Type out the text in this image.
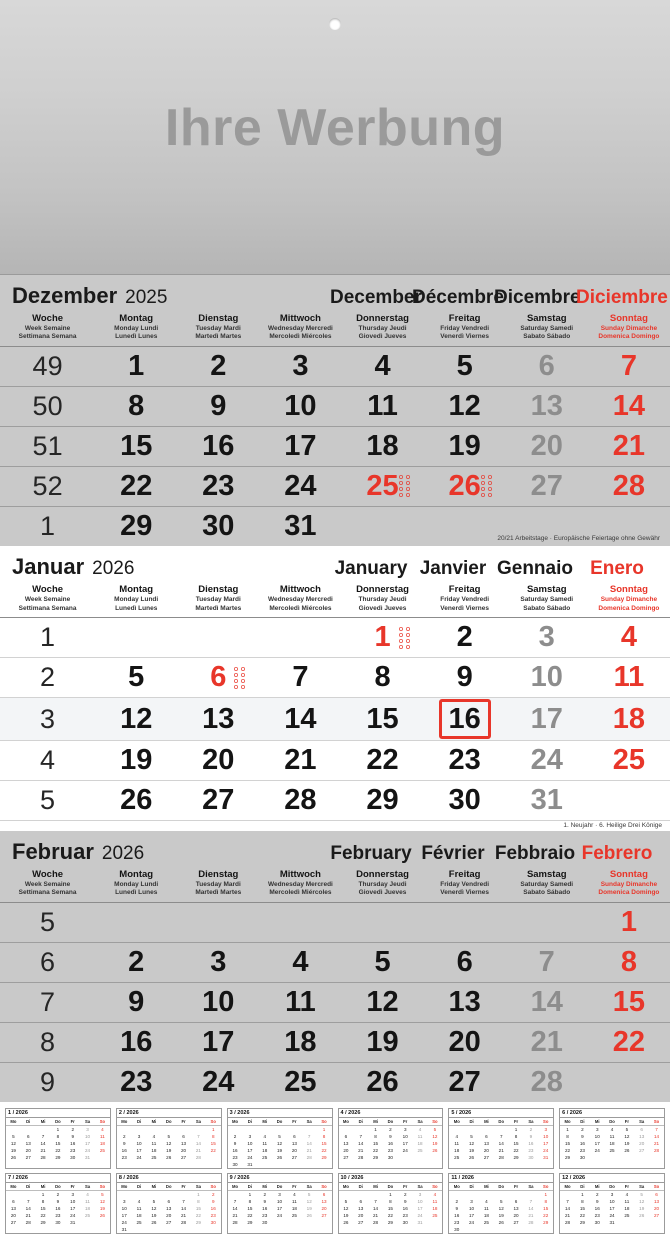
Ihre Werbung
Dezember 2025	December
Décembre
Dicembre
Diciembre
20/21 Arbeitstage · Europäische Feiertage ohne Gewähr
Woche
Week Semaine
Settimana Semana

Montag
Monday Lundi
Lunedì Lunes

Dienstag
Tuesday Mardi
Martedì Martes

Mittwoch
Wednesday Mercredi
Mercoledì Miércoles

Donnerstag
Thursday Jeudi
Giovedì Jueves

Freitag
Friday Vendredi
Venerdì Viernes

Samstag
Saturday Samedi
Sabato Sábado

Sonntag
Sunday Dimanche
Domenica Domingo

49	1	2	3	4	5	6	7
50	8	9	10	11	12	13	14
51	15	16	17	18	19	20	21
52	22	23	24	25	26	27	28
1	29	30	31				
Januar 2026	January Janvier Gennaio Enero
Woche
Week Semaine
Settimana Semana

Montag
Monday Lundi
Lunedì Lunes

Dienstag
Tuesday Mardi
Martedì Martes

Mittwoch
Wednesday Mercredi
Mercoledì Miércoles

Donnerstag
Thursday Jeudi
Giovedì Jueves

Freitag
Friday Vendredi
Venerdì Viernes

Samstag
Saturday Samedi
Sabato Sábado

Sonntag
Sunday Dimanche
Domenica Domingo

1				1	2	3	4
2	5	6	7	8	9	10	11
3	12	13	14	15	16	17	18
4	19	20	21	22	23	24	25
5	26	27	28	29	30	31	
1. Neujahr · 6. Heilige Drei Könige
Februar 2026	February Février Febbraio Febrero
Woche
Week Semaine
Settimana Semana

Montag
Monday Lundi
Lunedì Lunes

Dienstag
Tuesday Mardi
Martedì Martes

Mittwoch
Wednesday Mercredi
Mercoledì Miércoles

Donnerstag
Thursday Jeudi
Giovedì Jueves

Freitag
Friday Vendredi
Venerdì Viernes

Samstag
Saturday Samedi
Sabato Sábado

Sonntag
Sunday Dimanche
Domenica Domingo

5							1
6	2	3	4	5	6	7	8
7	9	10	11	12	13	14	15
8	16	17	18	19	20	21	22
9	23	24	25	26	27	28	
1 / 2026
Mo	Di	Mi	Do	Fr	Sa	So
			1	2	3	4
5	6	7	8	9	10	11
12	13	14	15	16	17	18
19	20	21	22	23	24	25
26	27	28	29	30	31	
2 / 2026
Mo	Di	Mi	Do	Fr	Sa	So
						1
2	3	4	5	6	7	8
9	10	11	12	13	14	15
16	17	18	19	20	21	22
23	24	25	26	27	28	
3 / 2026
Mo	Di	Mi	Do	Fr	Sa	So
						1
2	3	4	5	6	7	8
9	10	11	12	13	14	15
16	17	18	19	20	21	22
23	24	25	26	27	28	29
30	31					
4 / 2026
Mo	Di	Mi	Do	Fr	Sa	So
		1	2	3	4	5
6	7	8	9	10	11	12
13	14	15	16	17	18	19
20	21	22	23	24	25	26
27	28	29	30			
5 / 2026
Mo	Di	Mi	Do	Fr	Sa	So
				1	2	3
4	5	6	7	8	9	10
11	12	13	14	15	16	17
18	19	20	21	22	23	24
25	26	27	28	29	30	31
6 / 2026
Mo	Di	Mi	Do	Fr	Sa	So
1	2	3	4	5	6	7
8	9	10	11	12	13	14
15	16	17	18	19	20	21
22	23	24	25	26	27	28
29	30					
7 / 2026
Mo	Di	Mi	Do	Fr	Sa	So
		1	2	3	4	5
6	7	8	9	10	11	12
13	14	15	16	17	18	19
20	21	22	23	24	25	26
27	28	29	30	31		
8 / 2026
Mo	Di	Mi	Do	Fr	Sa	So
					1	2
3	4	5	6	7	8	9
10	11	12	13	14	15	16
17	18	19	20	21	22	23
24	25	26	27	28	29	30
31						
9 / 2026
Mo	Di	Mi	Do	Fr	Sa	So
	1	2	3	4	5	6
7	8	9	10	11	12	13
14	15	16	17	18	19	20
21	22	23	24	25	26	27
28	29	30				
10 / 2026
Mo	Di	Mi	Do	Fr	Sa	So
			1	2	3	4
5	6	7	8	9	10	11
12	13	14	15	16	17	18
19	20	21	22	23	24	25
26	27	28	29	30	31	
11 / 2026
Mo	Di	Mi	Do	Fr	Sa	So
						1
2	3	4	5	6	7	8
9	10	11	12	13	14	15
16	17	18	19	20	21	22
23	24	25	26	27	28	29
30						
12 / 2026
Mo	Di	Mi	Do	Fr	Sa	So
	1	2	3	4	5	6
7	8	9	10	11	12	13
14	15	16	17	18	19	20
21	22	23	24	25	26	27
28	29	30	31			
